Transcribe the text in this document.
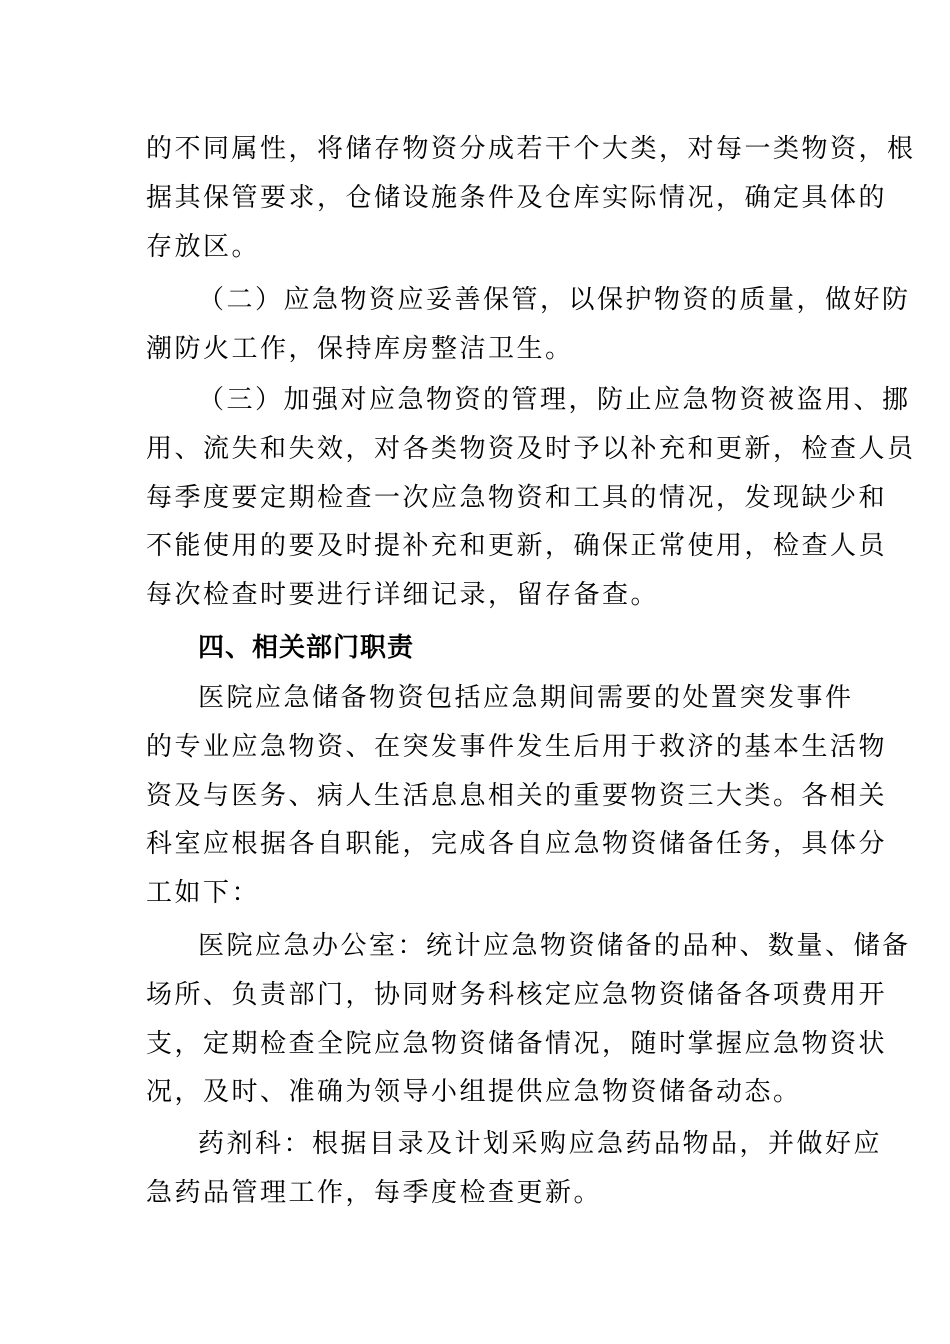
的不同属性，将储存物资分成若干个大类，对每一类物资，根
据其保管要求，仓储设施条件及仓库实际情况，确定具体的
存放区。
（二）应急物资应妥善保管，以保护物资的质量，做好防
潮防火工作，保持库房整洁卫生。
（三）加强对应急物资的管理，防止应急物资被盗用、挪
用、流失和失效，对各类物资及时予以补充和更新，检查人员
每季度要定期检查一次应急物资和工具的情况，发现缺少和
不能使用的要及时提补充和更新，确保正常使用，检查人员
每次检查时要进行详细记录，留存备查。
四、相关部门职责
医院应急储备物资包括应急期间需要的处置突发事件
的专业应急物资、在突发事件发生后用于救济的基本生活物
资及与医务、病人生活息息相关的重要物资三大类。各相关
科室应根据各自职能，完成各自应急物资储备任务，具体分
工如下：
医院应急办公室：统计应急物资储备的品种、数量、储备
场所、负责部门，协同财务科核定应急物资储备各项费用开
支，定期检查全院应急物资储备情况，随时掌握应急物资状
况，及时、准确为领导小组提供应急物资储备动态。
药剂科：根据目录及计划采购应急药品物品，并做好应
急药品管理工作，每季度检查更新。
